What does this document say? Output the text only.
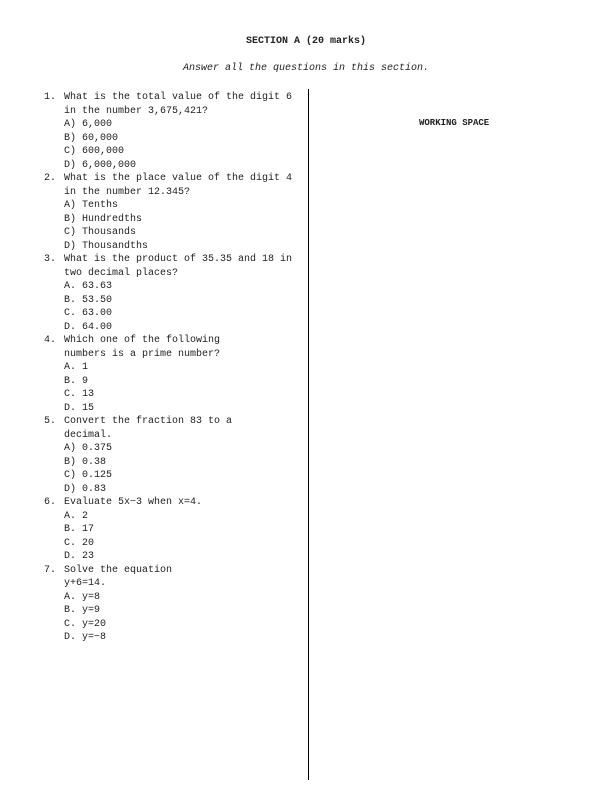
SECTION A (20 marks)
Answer all the questions in this section.
WORKING SPACE
1. What is the total value of the digit 6 in the number 3,675,421?
A) 6,000
B) 60,000
C) 600,000
D) 6,000,000
2. What is the place value of the digit 4 in the number 12.345?
A) Tenths
B) Hundredths
C) Thousands
D) Thousandths
3. What is the product of 35.35 and 18 in two decimal places?
A. 63.63
B. 53.50
C. 63.00
D. 64.00
4. Which one of the following numbers is a prime number?
A. 1
B. 9
C. 13
D. 15
5. Convert the fraction 83 to a decimal.
A) 0.375
B) 0.38
C) 0.125
D) 0.83
6. Evaluate 5x−3 when x=4.
A. 2
B. 17
C. 20
D. 23
7. Solve the equation y+6=14.
A. y=8
B. y=9
C. y=20
D. y=−8
